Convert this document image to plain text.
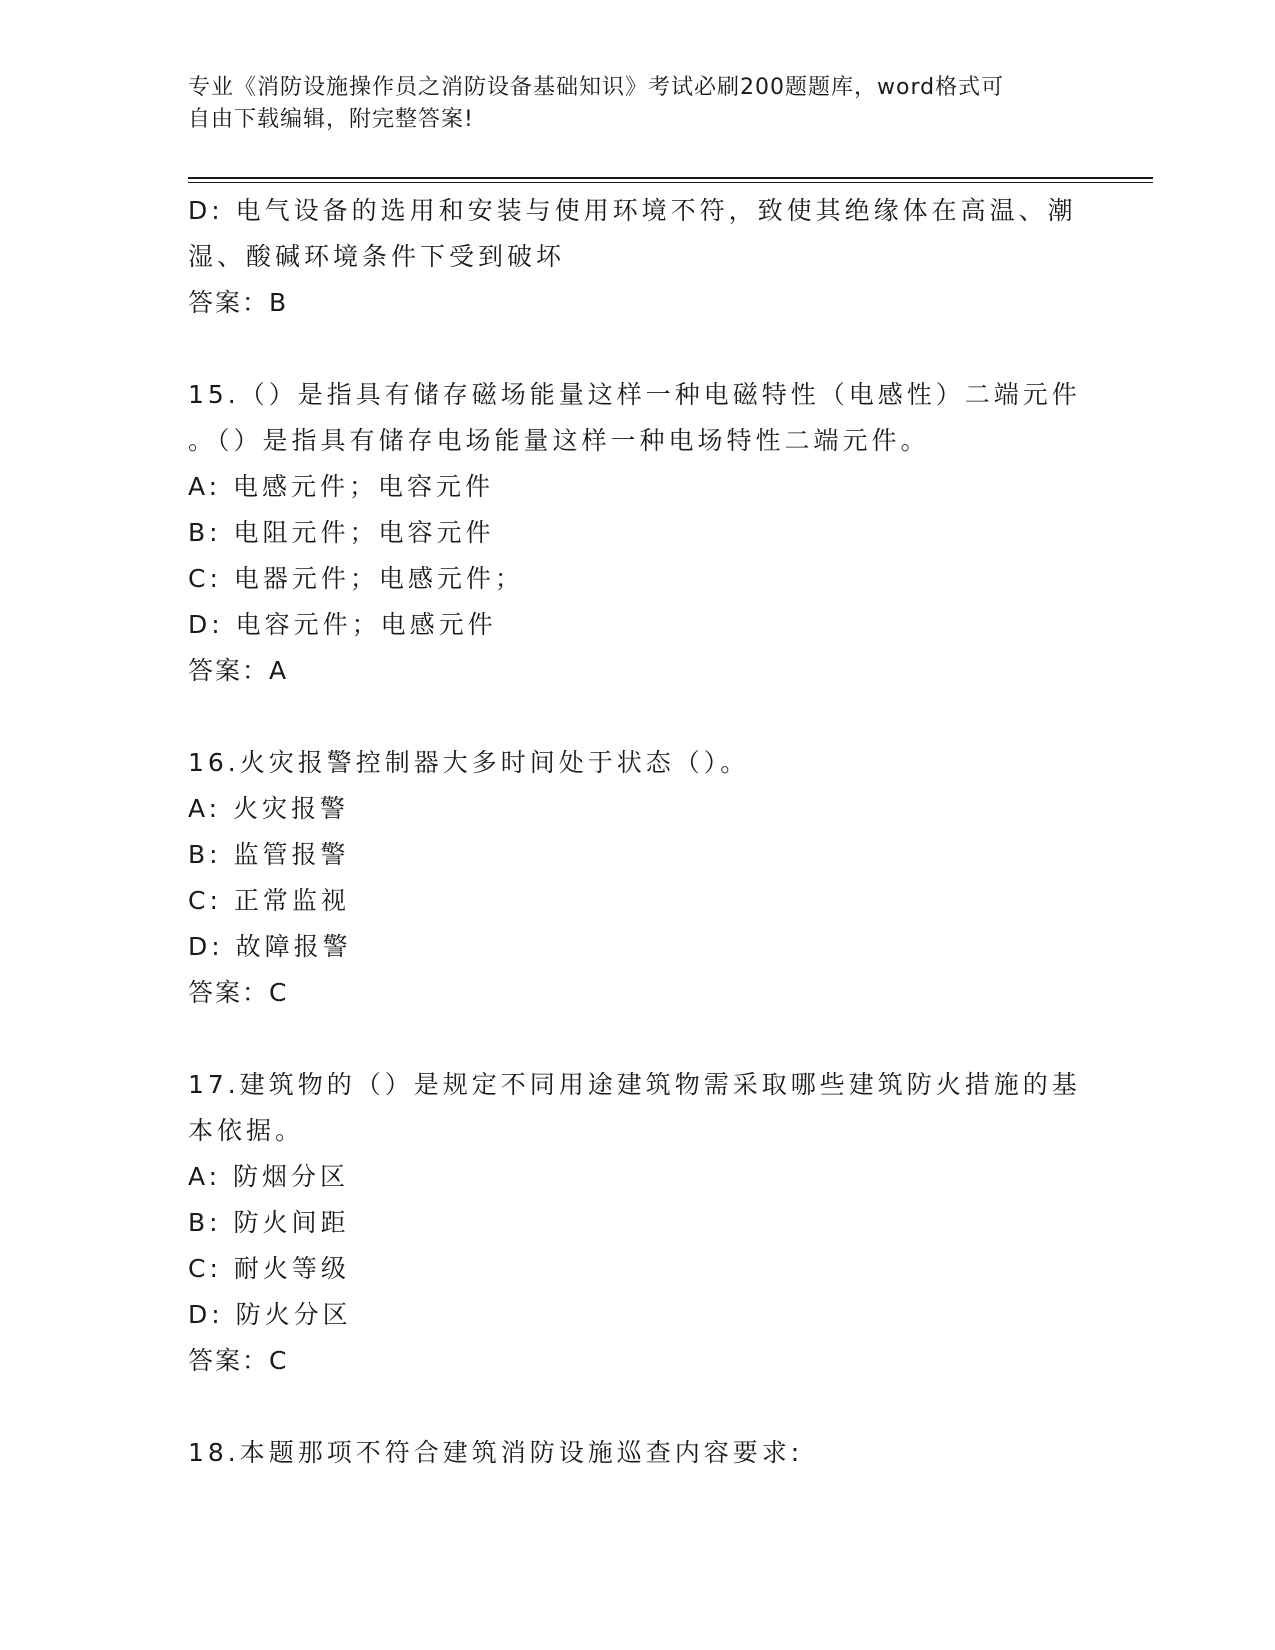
专业《消防设施操作员之消防设备基础知识》考试必刷200题题库，word格式可
自由下载编辑，附完整答案!
D: 电气设备的选用和安装与使用环境不符，致使其绝缘体在高温、潮
湿、酸碱环境条件下受到破坏
答案：B
15.（）是指具有储存磁场能量这样一种电磁特性（电感性）二端元件
。（）是指具有储存电场能量这样一种电场特性二端元件。
A: 电感元件；电容元件
B: 电阻元件；电容元件
C: 电器元件；电感元件；
D: 电容元件；电感元件
答案：A
16.火灾报警控制器大多时间处于状态（）。
A: 火灾报警
B: 监管报警
C: 正常监视
D: 故障报警
答案：C
17.建筑物的（）是规定不同用途建筑物需采取哪些建筑防火措施的基
本依据。
A: 防烟分区
B: 防火间距
C: 耐火等级
D: 防火分区
答案：C
18.本题那项不符合建筑消防设施巡查内容要求:
